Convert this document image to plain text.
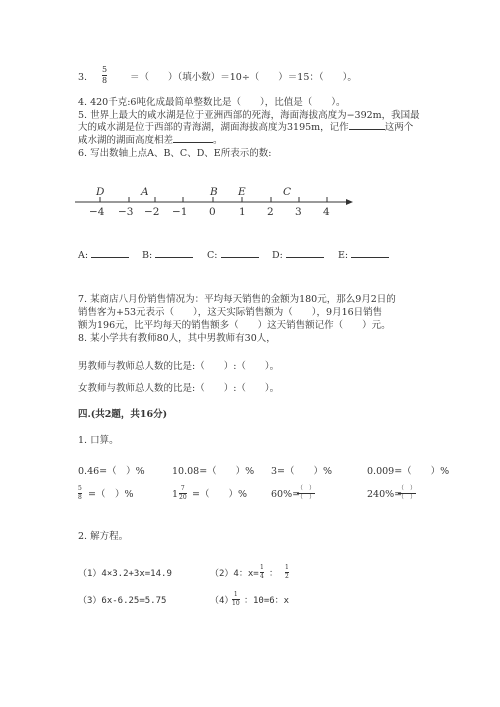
3.
5
8 ＝（　　）（填小数）＝10÷（　　）＝15：（　　）。
4. 420千克:6吨化成最简单整数比是（　　），比值是（　　）。
5. 世界上最大的咸水湖是位于亚洲西部的死海，海面海拔高度为−392m，我国最
大的咸水湖是位于西部的青海湖，湖面海拔高度为3195m，记作	这两个
咸水湖的湖面高度相差	。
6. 写出数轴上点A、B、C、D、E所表示的数:
D	A	B E	C
−4 −3 −2 −1 0 1 2 3 4
A:	B:	C:	D:	E:
7. 某商店八月份销售情况为：平均每天销售的金额为180元，那么9月2日的
销售客为+53元表示（　　），这天实际销售额为（　　），9月16日销售
额为196元，比平均每天的销售额多（　　）这天销售额记作（　　）元。
8. 某小学共有教师80人，其中男教师有30人，
男教师与教师总人数的比是:（　　）:（　　）。
女教师与教师总人数的比是:（　　）:（　　）。
四.(共2题，共16分)
1. 口算。
0.46=（　）%	10.08=（　　）% 3=（　　）%	0.009=（　　）%
5
8 =（　）%	1
7
20 =（　　）%	60%=
（　）
（　）	240%=
（　）
（　）
2. 解方程。
（1）4×3.2+3x=14.9	（2）4：x=
1
4 ：
1
2
（3）6x-6.25=5.75	（4）
1
10 ：10=6：x
